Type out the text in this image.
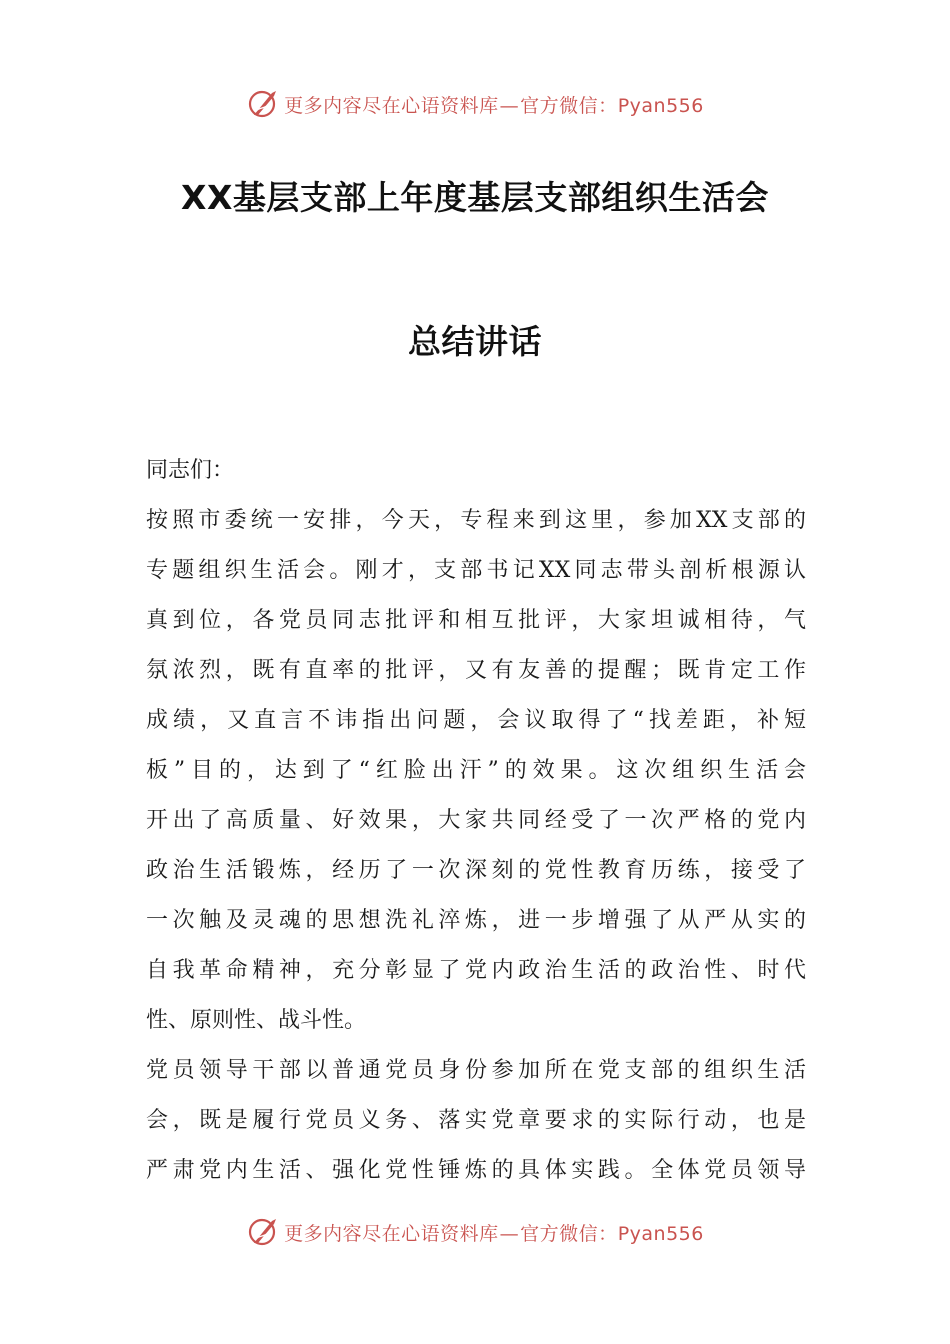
更多内容尽在心语资料库—官方微信：Pyan556
XX基层支部上年度基层支部组织生活会
总结讲话
同志们：
按照市委统一安排，今天，专程来到这里，参加XX支部的
专题组织生活会。刚才，支部书记XX同志带头剖析根源认
真到位，各党员同志批评和相互批评，大家坦诚相待，气
氛浓烈，既有直率的批评，又有友善的提醒；既肯定工作
成绩，又直言不讳指出问题，会议取得了“找差距，补短
板”目的，达到了“红脸出汗”的效果。这次组织生活会
开出了高质量、好效果，大家共同经受了一次严格的党内
政治生活锻炼，经历了一次深刻的党性教育历练，接受了
一次触及灵魂的思想洗礼淬炼，进一步增强了从严从实的
自我革命精神，充分彰显了党内政治生活的政治性、时代
性、原则性、战斗性。
党员领导干部以普通党员身份参加所在党支部的组织生活
会，既是履行党员义务、落实党章要求的实际行动，也是
严肃党内生活、强化党性锤炼的具体实践。全体党员领导
更多内容尽在心语资料库—官方微信：Pyan556
